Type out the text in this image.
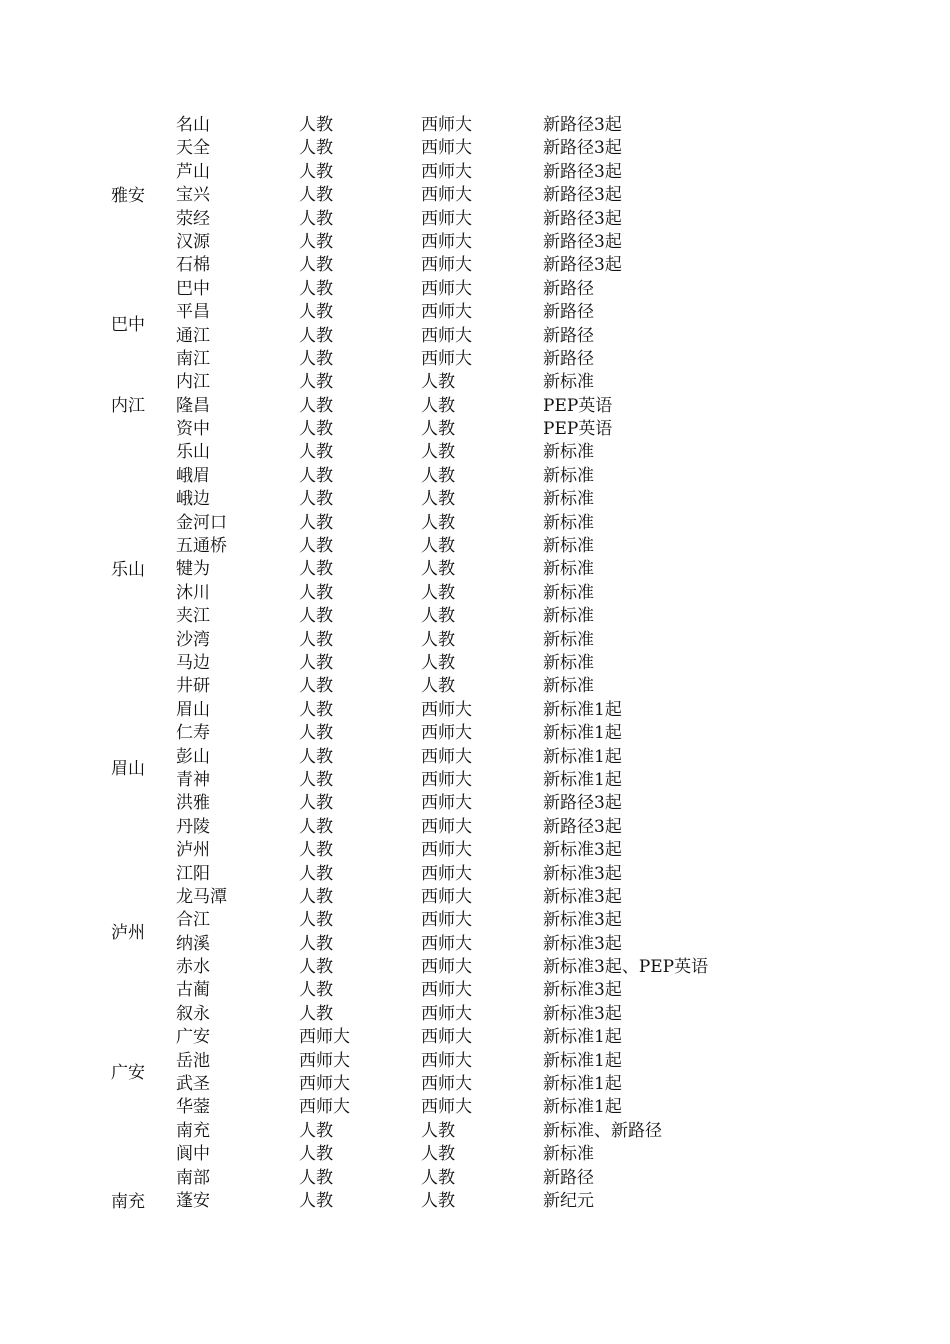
雅安
名山	人教	西师大	新路径3起
天全	人教	西师大	新路径3起
芦山	人教	西师大	新路径3起
宝兴	人教	西师大	新路径3起
荥经	人教	西师大	新路径3起
汉源	人教	西师大	新路径3起
石棉	人教	西师大	新路径3起
巴中
巴中	人教	西师大	新路径
平昌	人教	西师大	新路径
通江	人教	西师大	新路径
南江	人教	西师大	新路径
内江
内江	人教	人教	新标准
隆昌	人教	人教	PEP英语
资中	人教	人教	PEP英语
乐山
乐山	人教	人教	新标准
峨眉	人教	人教	新标准
峨边	人教	人教	新标准
金河口	人教	人教	新标准
五通桥	人教	人教	新标准
犍为	人教	人教	新标准
沐川	人教	人教	新标准
夹江	人教	人教	新标准
沙湾	人教	人教	新标准
马边	人教	人教	新标准
井研	人教	人教	新标准
眉山
眉山	人教	西师大	新标准1起
仁寿	人教	西师大	新标准1起
彭山	人教	西师大	新标准1起
青神	人教	西师大	新标准1起
洪雅	人教	西师大	新路径3起
丹陵	人教	西师大	新路径3起
泸州
泸州	人教	西师大	新标准3起
江阳	人教	西师大	新标准3起
龙马潭	人教	西师大	新标准3起
合江	人教	西师大	新标准3起
纳溪	人教	西师大	新标准3起
赤水	人教	西师大	新标准3起、PEP英语
古蔺	人教	西师大	新标准3起
叙永	人教	西师大	新标准3起
广安
广安	西师大	西师大	新标准1起
岳池	西师大	西师大	新标准1起
武圣	西师大	西师大	新标准1起
华蓥	西师大	西师大	新标准1起
南充
南充	人教	人教	新标准、新路径
阆中	人教	人教	新标准
南部	人教	人教	新路径
蓬安	人教	人教	新纪元
